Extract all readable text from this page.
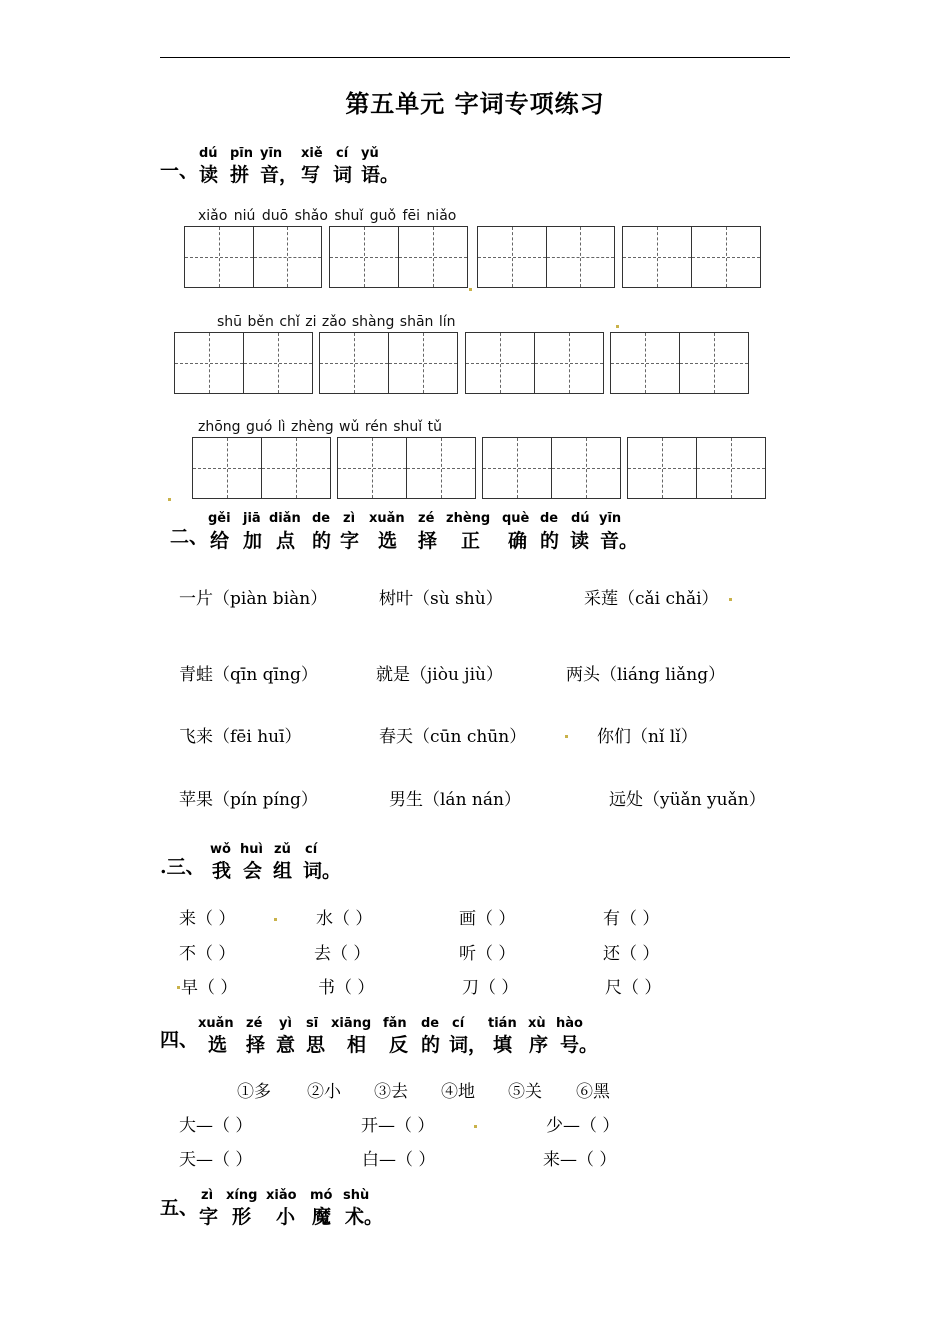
第五单元 字词专项练习
一、
dú pīn yīn xiě cí yǔ
读 拼 音， 写 词 语。
xiǎo niú duō shǎo shuǐ guǒ fēi niǎo
shū běn chǐ zi zǎo shàng shān lín
zhōng guó lì zhèng wǔ rén shuǐ tǔ
二、
gěi jiā diǎn de zì xuǎn zé zhèng què de dú yīn
给 加 点 的 字 选 择 正 确 的 读 音。
一片（piàn biàn）	树叶（sù shù）	采莲（cǎi chǎi）
青蛙（qīn qīng）	就是（jiòu jiù）	两头（liáng liǎng）
飞来（fēi huī）	春天（cūn chūn）	你们（nǐ lǐ）
苹果（pín píng）	男生（lán nán）	远处（yüǎn yuǎn）
.三、
wǒ huì zǔ cí
我 会 组 词。
来（ ）	水（ ）	画（ ）	有（ ）
不（ ）	去（ ）	听（ ）	还（ ）
早（ ）	书（ ）	刀（ ）	尺（ ）
四、
xuǎn zé yì sī xiāng fǎn de cí tián xù hào
选 择 意 思 相 反 的 词， 填 序 号。
①多 ②小 ③去 ④地 ⑤关 ⑥黑
大—（ ）	开—（ ）	少—（ ）
天—（ ）	白—（ ）	来—（ ）
五、
zì xíng xiǎo mó shù
字 形 小 魔 术。
